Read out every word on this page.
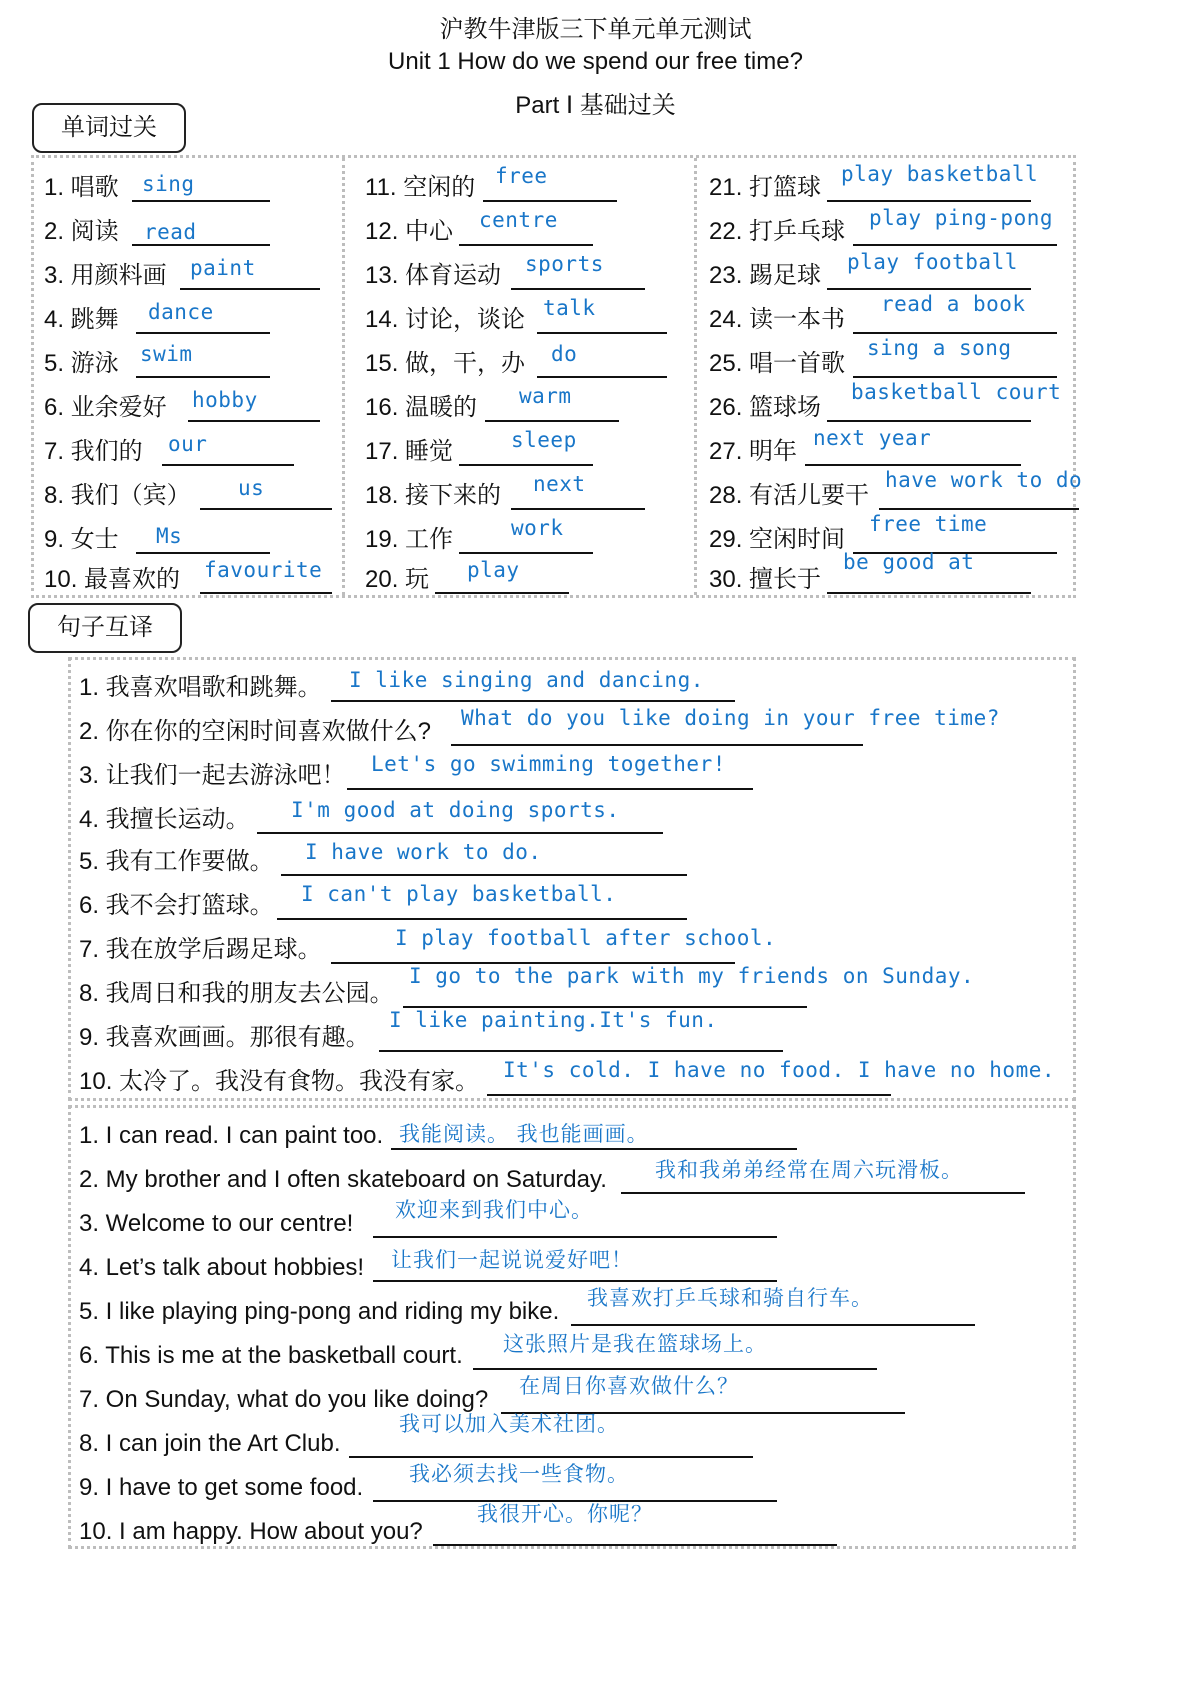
沪教牛津版三下单元单元测试
Unit 1 How do we spend our free time?
Part Ⅰ 基础过关
单词过关
1. 唱歌 sing
2. 阅读 read
3. 用颜料画 paint
4. 跳舞 dance
5. 游泳 swim
6. 业余爱好 hobby
7. 我们的 our
8. 我们（宾） us
9. 女士 Ms
10. 最喜欢的 favourite
11. 空闲的 free
12. 中心 centre
13. 体育运动 sports
14. 讨论，谈论 talk
15. 做，干，办 do
16. 温暖的 warm
17. 睡觉	sleep
18. 接下来的 next
19. 工作	work
20. 玩 play
21. 打篮球 play basketball
22. 打乒乓球 play ping-pong
23. 踢足球 play football
24. 读一本书
read a book
25. 唱一首歌
sing a song
26. 篮球场
basketball court
27. 明年 next year
28. 有活儿要干
have work to do
29. 空闲时间
free time
30. 擅长于
be good at
句子互译
1. 我喜欢唱歌和跳舞。 I like singing and dancing.
2. 你在你的空闲时间喜欢做什么? What do you like doing in your free time?
3. 让我们一起去游泳吧！ Let's go swimming together!
4. 我擅长运动。 I'm good at doing sports.
5. 我有工作要做。 I have work to do.
6. 我不会打篮球。 I can't play basketball.
7. 我在放学后踢足球。	I play football after school.
8. 我周日和我的朋友去公园。
I go to the park with my friends on Sunday.
9. 我喜欢画画。那很有趣。
I like painting.It's fun.
10. 太冷了。我没有食物。我没有家。 It's cold. I have no food. I have no home.
1. I can read. I can paint too. 我能阅读。 我也能画画。
2. My brother and I often skateboard on Saturday. 我和我弟弟经常在周六玩滑板。
3. Welcome to our centre! 欢迎来到我们中心。
4. Let’s talk about hobbies! 让我们一起说说爱好吧！
5. I like playing ping-pong and riding my bike. 我喜欢打乒乓球和骑自行车。
6. This is me at the basketball court. 这张照片是我在篮球场上。
7. On Sunday, what do you like doing? 在周日你喜欢做什么？
8. I can join the Art Club.
我可以加入美术社团。
9. I have to get some food. 我必须去找一些食物。
10. I am happy. How about you?
我很开心。你呢？
